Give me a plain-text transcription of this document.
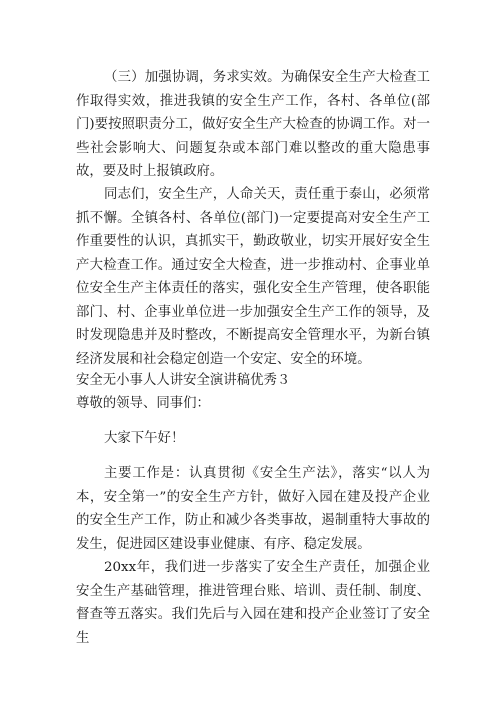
（三）加强协调，务求实效。为确保安全生产大检查工作取得实效，推进我镇的安全生产工作，各村、各单位(部门)要按照职责分工，做好安全生产大检查的协调工作。对一些社会影响大、问题复杂或本部门难以整改的重大隐患事故，要及时上报镇政府。

同志们，安全生产，人命关天，责任重于泰山，必须常抓不懈。全镇各村、各单位(部门)一定要提高对安全生产工作重要性的认识，真抓实干，勤政敬业，切实开展好安全生产大检查工作。通过安全大检查，进一步推动村、企事业单位安全生产主体责任的落实，强化安全生产管理，使各职能部门、村、企事业单位进一步加强安全生产工作的领导，及时发现隐患并及时整改，不断提高安全管理水平，为新台镇经济发展和社会稳定创造一个安定、安全的环境。

安全无小事人人讲安全演讲稿优秀３

尊敬的领导、同事们：

大家下午好！

主要工作是：认真贯彻《安全生产法》，落实“以人为本，安全第一”的安全生产方针，做好入园在建及投产企业的安全生产工作，防止和减少各类事故，遏制重特大事故的发生，促进园区建设事业健康、有序、稳定发展。

20xx年，我们进一步落实了安全生产责任，加强企业安全生产基础管理，推进管理台账、培训、责任制、制度、督查等五落实。我们先后与入园在建和投产企业签订了安全生
